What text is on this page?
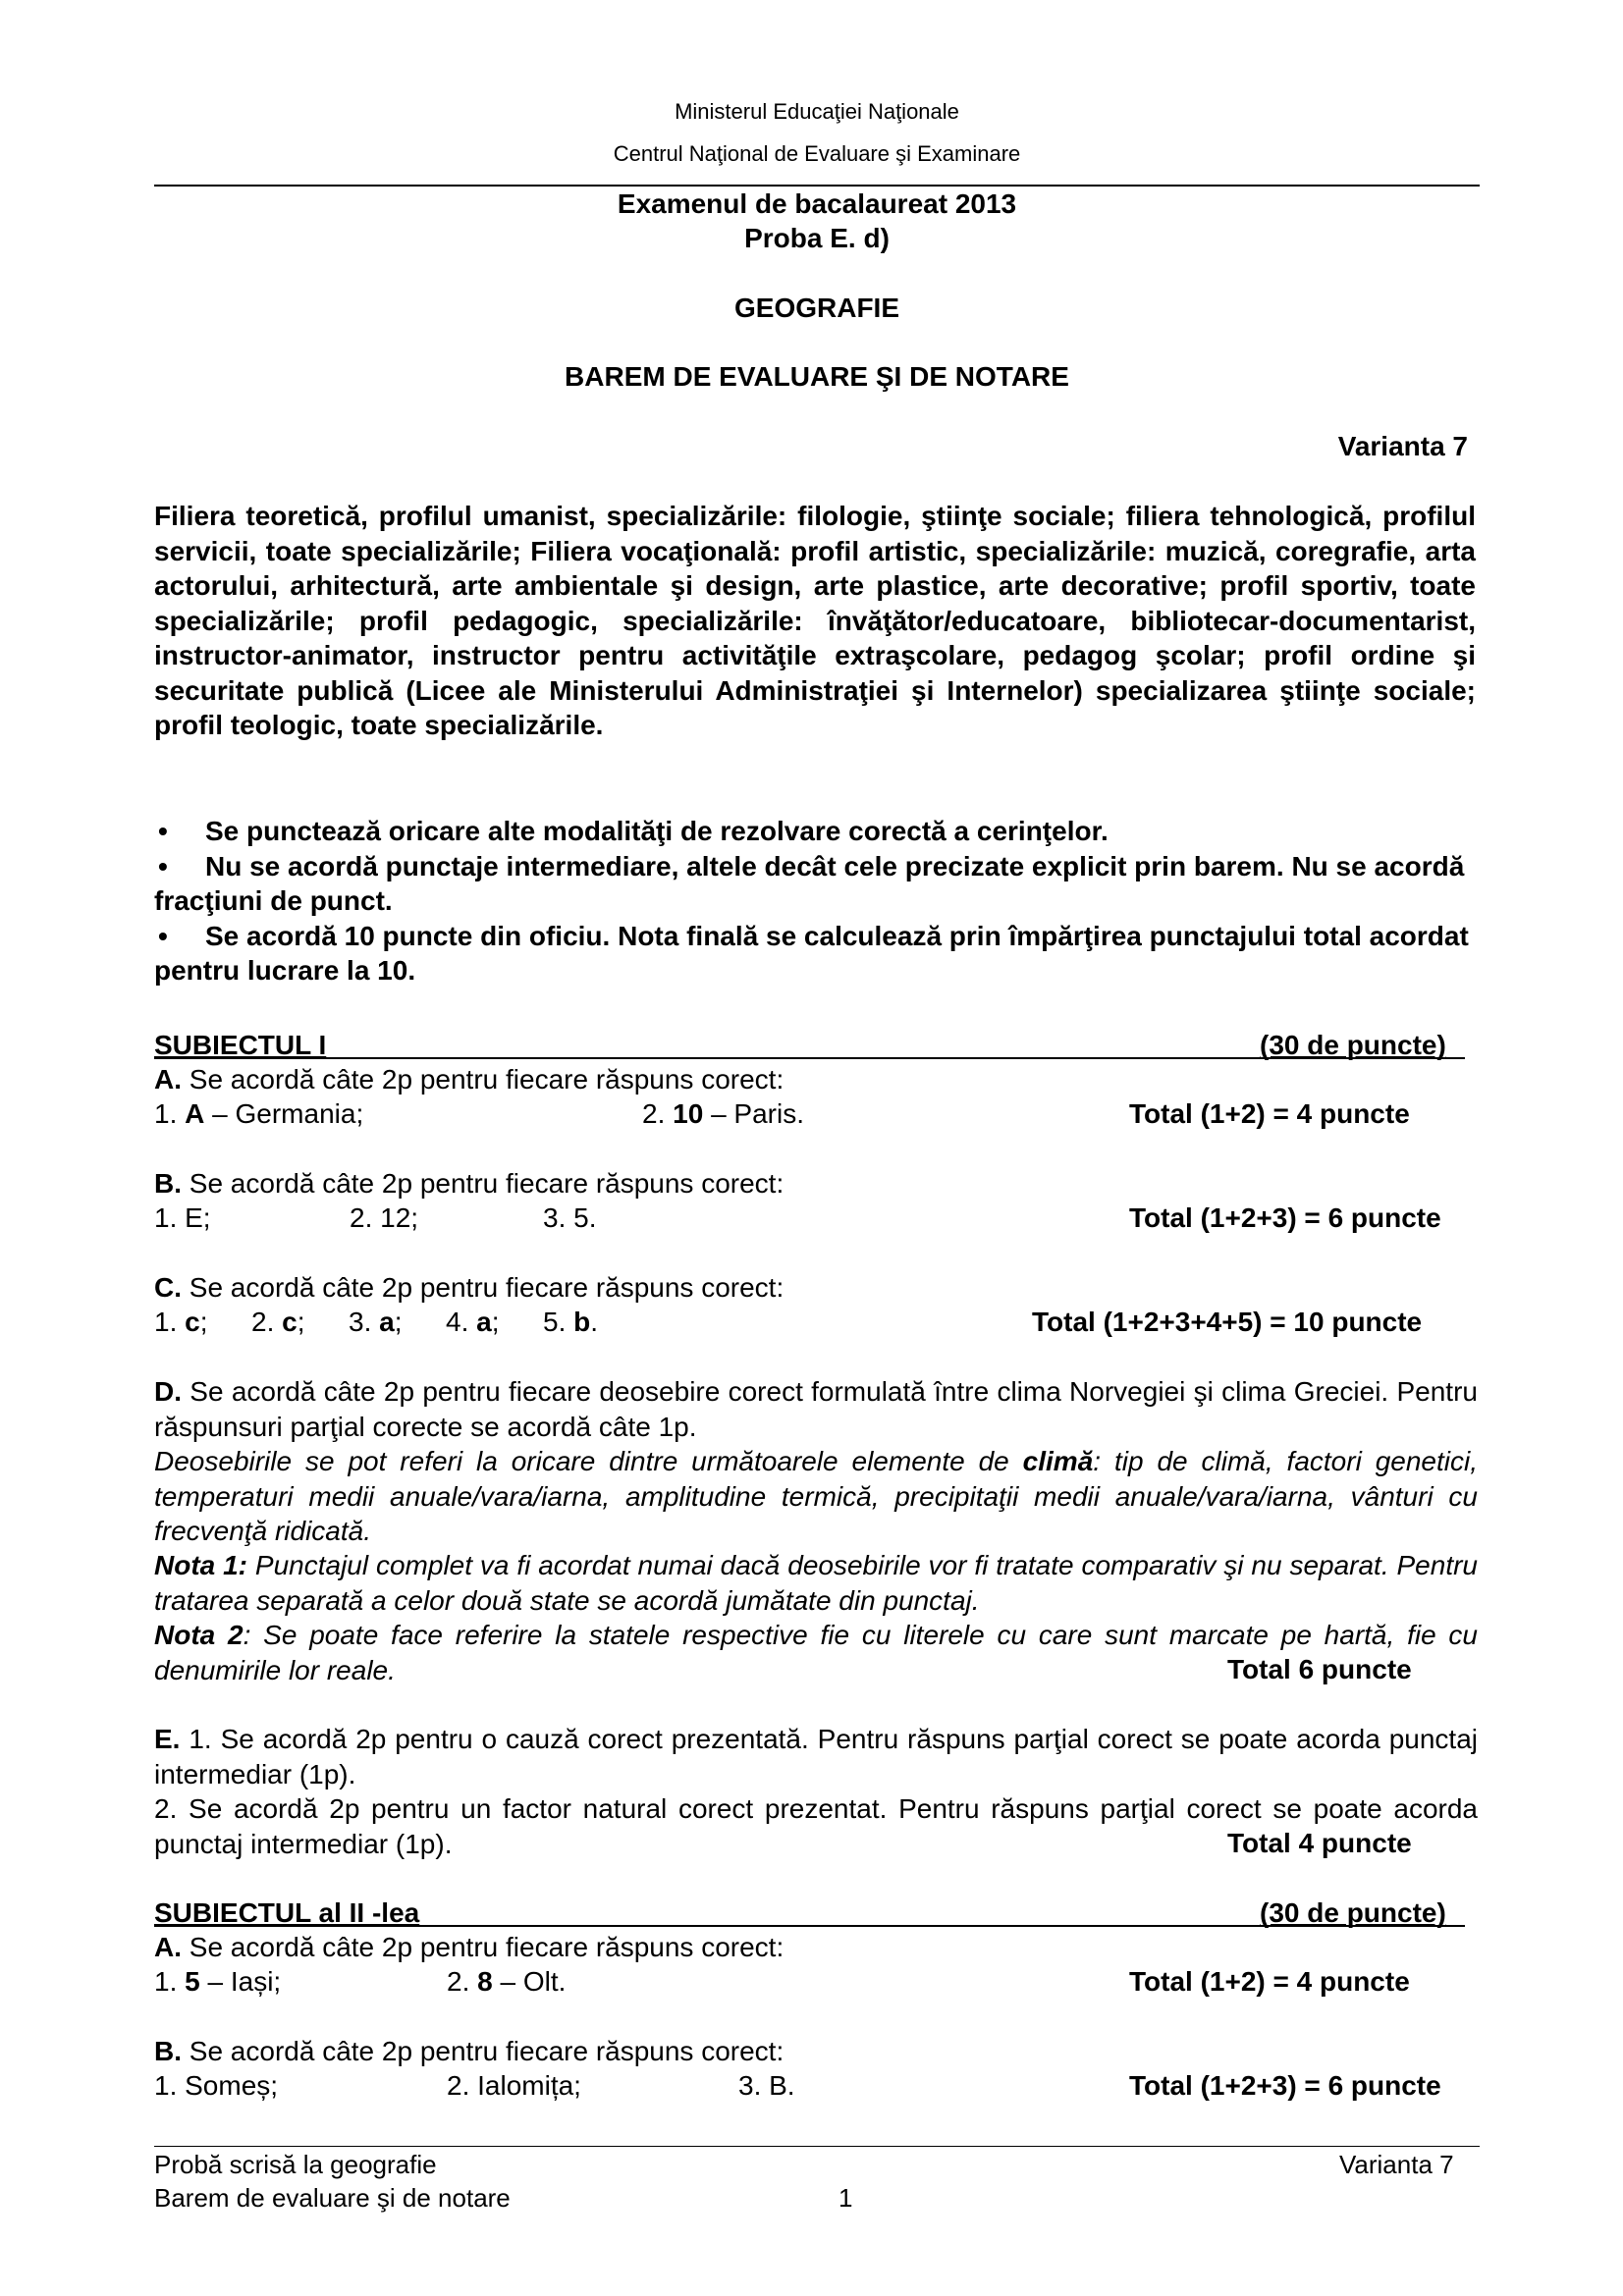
Ministerul Educaţiei Naţionale
Centrul Naţional de Evaluare şi Examinare
Examenul de bacalaureat 2013
Proba E. d)
GEOGRAFIE
BAREM DE EVALUARE ŞI DE NOTARE
Varianta 7
Filiera teoretică, profilul umanist, specializările: filologie, ştiinţe sociale; filiera tehnologică, profilul servicii, toate specializările; Filiera vocaţională: profil artistic, specializările: muzică, coregrafie, arta actorului, arhitectură, arte ambientale şi design, arte plastice, arte decorative; profil sportiv, toate specializările; profil pedagogic, specializările: învăţător/educatoare, bibliotecar-documentarist, instructor-animator, instructor pentru activităţile extraşcolare, pedagog şcolar; profil ordine şi securitate publică (Licee ale Ministerului Administraţiei şi Internelor) specializarea ştiinţe sociale; profil teologic, toate specializările.
• Se punctează oricare alte modalităţi de rezolvare corectă a cerinţelor.
• Nu se acordă punctaje intermediare, altele decât cele precizate explicit prin barem. Nu se acordă fracţiuni de punct.
• Se acordă 10 puncte din oficiu. Nota finală se calculează prin împărţirea punctajului total acordat pentru lucrare la 10.
SUBIECTUL I	(30 de puncte)
A. Se acordă câte 2p pentru fiecare răspuns corect:
1. A – Germania;	2. 10 – Paris.	Total (1+2) = 4 puncte
B. Se acordă câte 2p pentru fiecare răspuns corect:
1. E;	2. 12;	3. 5.	Total (1+2+3) = 6 puncte
C. Se acordă câte 2p pentru fiecare răspuns corect:
1. c; 2. c; 3. a; 4. a; 5. b.	Total (1+2+3+4+5) = 10 puncte
D. Se acordă câte 2p pentru fiecare deosebire corect formulată între clima Norvegiei şi clima Greciei. Pentru răspunsuri parţial corecte se acordă câte 1p.
Deosebirile se pot referi la oricare dintre următoarele elemente de climă: tip de climă, factori genetici, temperaturi medii anuale/vara/iarna, amplitudine termică, precipitaţii medii anuale/vara/iarna, vânturi cu frecvenţă ridicată.
Nota 1: Punctajul complet va fi acordat numai dacă deosebirile vor fi tratate comparativ şi nu separat. Pentru tratarea separată a celor două state se acordă jumătate din punctaj.
Nota 2: Se poate face referire la statele respective fie cu literele cu care sunt marcate pe hartă, fie cu denumirile lor reale.	Total 6 puncte
E. 1. Se acordă 2p pentru o cauză corect prezentată. Pentru răspuns parţial corect se poate acorda punctaj intermediar (1p).
2. Se acordă 2p pentru un factor natural corect prezentat. Pentru răspuns parţial corect se poate acorda punctaj intermediar (1p).	Total 4 puncte
SUBIECTUL al II -lea	(30 de puncte)
A. Se acordă câte 2p pentru fiecare răspuns corect:
1. 5 – Iași;	2. 8 – Olt.	Total (1+2) = 4 puncte
B. Se acordă câte 2p pentru fiecare răspuns corect:
1. Someș;	2. Ialomița;	3. B.	Total (1+2+3) = 6 puncte
Probă scrisă la geografie	Varianta 7
Barem de evaluare şi de notare	1
